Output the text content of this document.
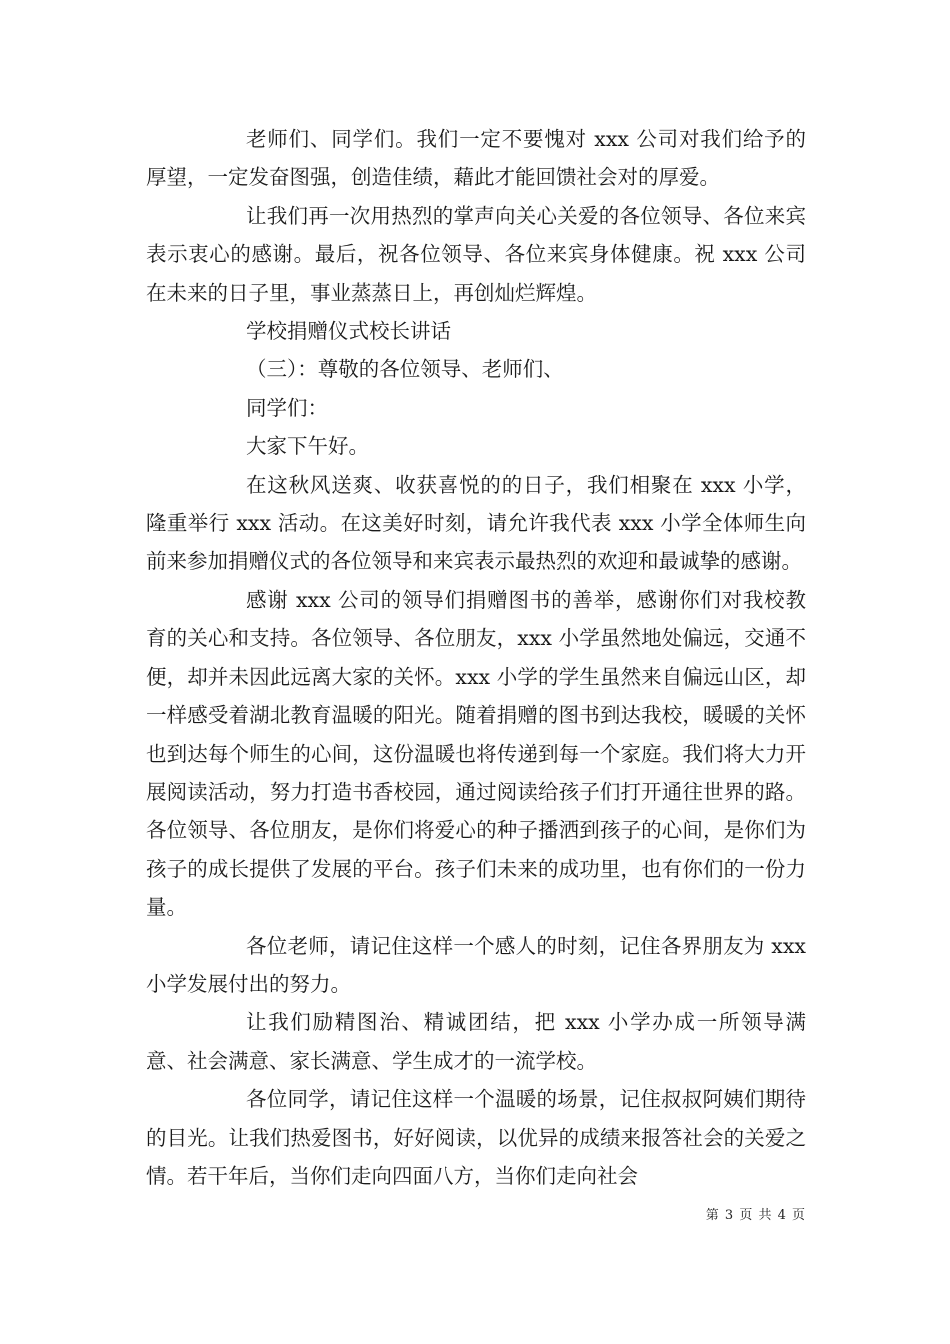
老师们、同学们。我们一定不要愧对 xxx 公司对我们给予的厚望，一定发奋图强，创造佳绩，藉此才能回馈社会对的厚爱。

让我们再一次用热烈的掌声向关心关爱的各位领导、各位来宾表示衷心的感谢。最后，祝各位领导、各位来宾身体健康。祝 xxx 公司在未来的日子里，事业蒸蒸日上，再创灿烂辉煌。

学校捐赠仪式校长讲话

（三）：尊敬的各位领导、老师们、

同学们：

大家下午好。

在这秋风送爽、收获喜悦的的日子，我们相聚在 xxx 小学，隆重举行 xxx 活动。在这美好时刻，请允许我代表 xxx 小学全体师生向前来参加捐赠仪式的各位领导和来宾表示最热烈的欢迎和最诚挚的感谢。

感谢 xxx 公司的领导们捐赠图书的善举，感谢你们对我校教育的关心和支持。各位领导、各位朋友，xxx 小学虽然地处偏远，交通不便，却并未因此远离大家的关怀。xxx 小学的学生虽然来自偏远山区，却一样感受着湖北教育温暖的阳光。随着捐赠的图书到达我校，暖暖的关怀也到达每个师生的心间，这份温暖也将传递到每一个家庭。我们将大力开展阅读活动，努力打造书香校园，通过阅读给孩子们打开通往世界的路。各位领导、各位朋友，是你们将爱心的种子播洒到孩子的心间，是你们为孩子的成长提供了发展的平台。孩子们未来的成功里，也有你们的一份力量。

各位老师，请记住这样一个感人的时刻，记住各界朋友为 xxx 小学发展付出的努力。

让我们励精图治、精诚团结，把 xxx 小学办成一所领导满意、社会满意、家长满意、学生成才的一流学校。

各位同学，请记住这样一个温暖的场景，记住叔叔阿姨们期待的目光。让我们热爱图书，好好阅读，以优异的成绩来报答社会的关爱之情。若干年后，当你们走向四面八方，当你们走向社会

第 3 页 共 4 页
